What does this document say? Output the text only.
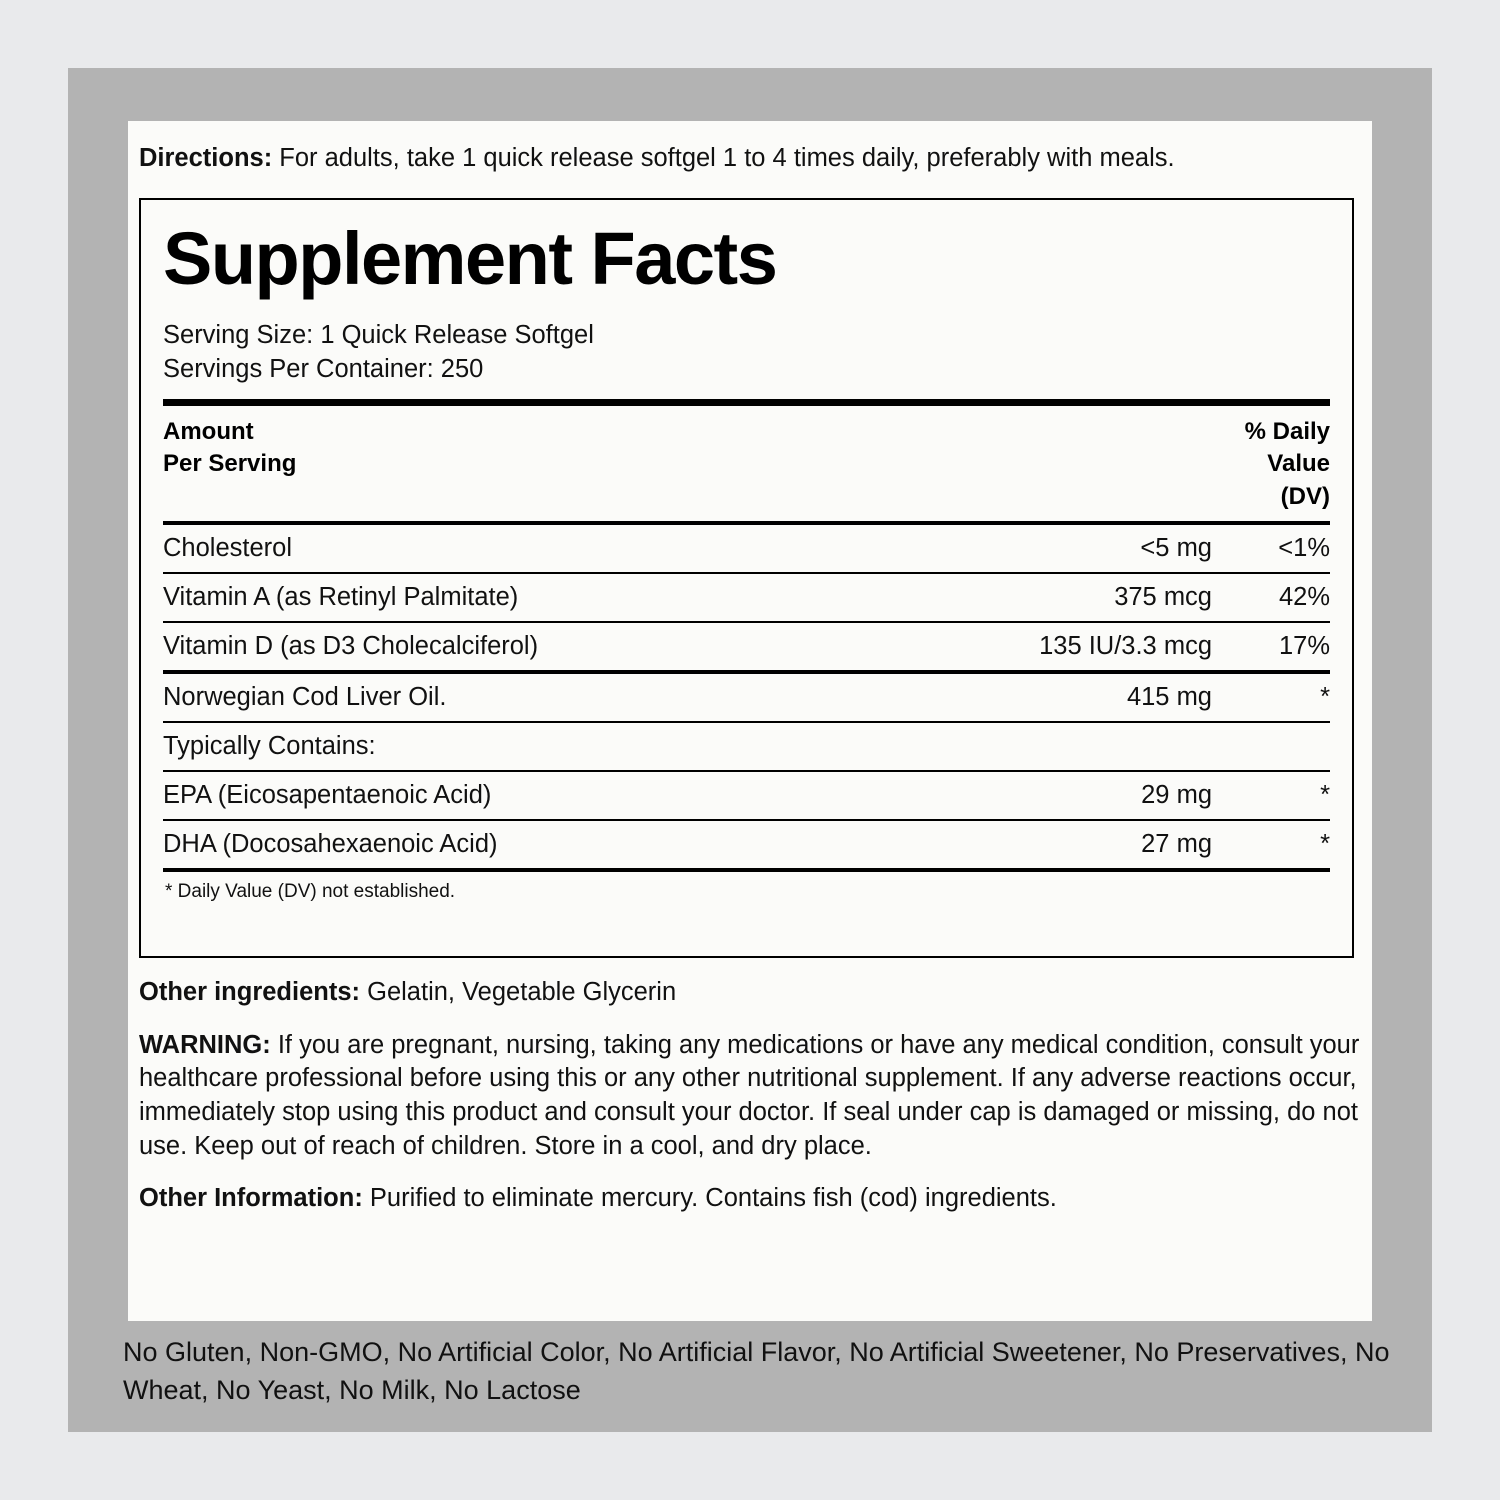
Directions: For adults, take 1 quick release softgel 1 to 4 times daily, preferably with meals.
Supplement Facts
Serving Size: 1 Quick Release Softgel
Servings Per Container: 250
Amount
Per Serving
% Daily
Value
(DV)
Cholesterol	<5 mg	<1%
Vitamin A (as Retinyl Palmitate)	375 mcg	42%
Vitamin D (as D3 Cholecalciferol)	135 IU/3.3 mcg	17%
Norwegian Cod Liver Oil.	415 mg	*
Typically Contains:		
EPA (Eicosapentaenoic Acid)	29 mg	*
DHA (Docosahexaenoic Acid)	27 mg	*
* Daily Value (DV) not established.

Other ingredients: Gelatin, Vegetable Glycerin

WARNING: If you are pregnant, nursing, taking any medications or have any medical condition, consult your healthcare professional before using this or any other nutritional supplement. If any adverse reactions occur, immediately stop using this product and consult your doctor. If seal under cap is damaged or missing, do not use. Keep out of reach of children. Store in a cool, and dry place.

Other Information: Purified to eliminate mercury. Contains fish (cod) ingredients.

No Gluten, Non-GMO, No Artificial Color, No Artificial Flavor, No Artificial Sweetener, No Preservatives, No Wheat, No Yeast, No Milk, No Lactose
